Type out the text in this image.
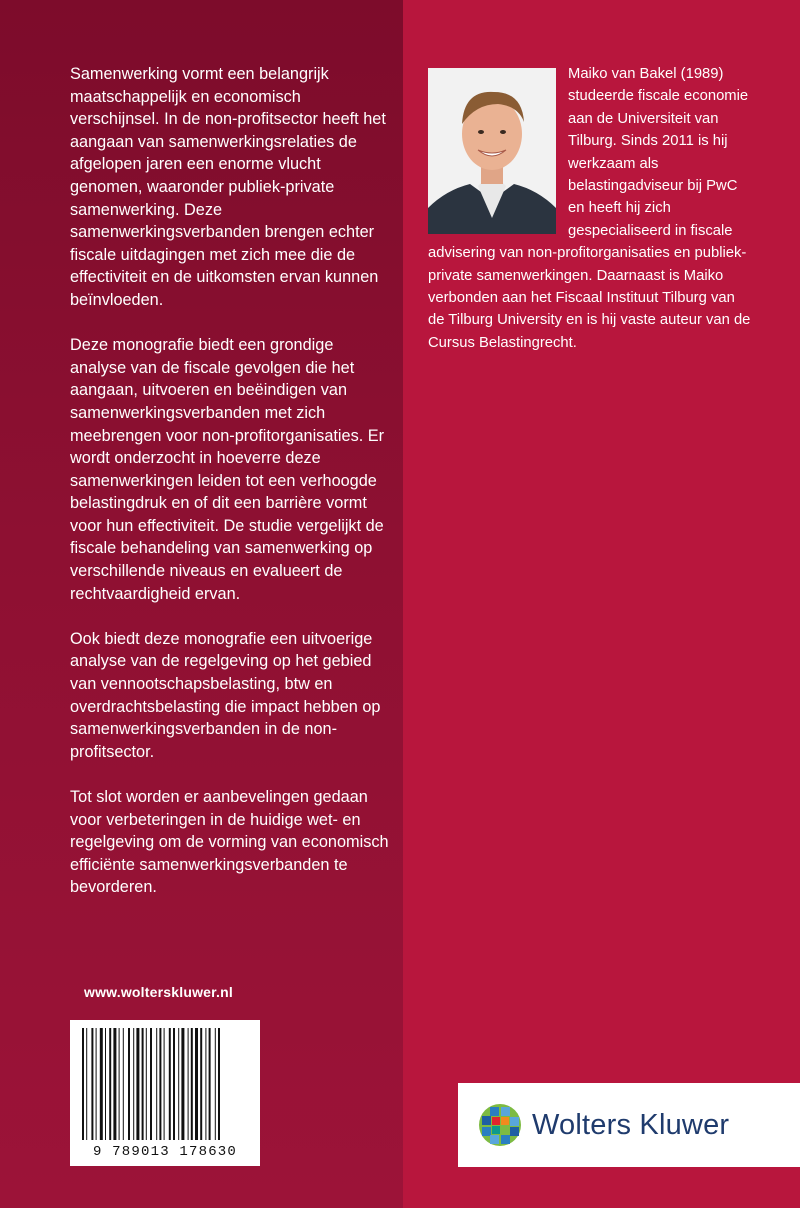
Samenwerking vormt een belangrijk maatschappelijk en economisch verschijnsel. In de non-profitsector heeft het aangaan van samenwerkingsrelaties de afgelopen jaren een enorme vlucht genomen, waaronder publiek-private samenwerking. Deze samenwerkingsverbanden brengen echter fiscale uitdagingen met zich mee die de effectiviteit en de uitkomsten ervan kunnen beïnvloeden.

Deze monografie biedt een grondige analyse van de fiscale gevolgen die het aangaan, uitvoeren en beëindigen van samenwerkingsverbanden met zich meebrengen voor non-profitorganisaties. Er wordt onderzocht in hoeverre deze samenwerkingen leiden tot een verhoogde belastingdruk en of dit een barrière vormt voor hun effectiviteit. De studie vergelijkt de fiscale behandeling van samenwerking op verschillende niveaus en evalueert de rechtvaardigheid ervan.

Ook biedt deze monografie een uitvoerige analyse van de regelgeving op het gebied van vennootschapsbelasting, btw en overdrachtsbelasting die impact hebben op samenwerkingsverbanden in de non-profitsector.

Tot slot worden er aanbevelingen gedaan voor verbeteringen in de huidige wet- en regelgeving om de vorming van economisch efficiënte samenwerkingsverbanden te bevorderen.

Maiko van Bakel (1989) studeerde fiscale economie aan de Universiteit van Tilburg. Sinds 2011 is hij werkzaam als belastingadviseur bij PwC en heeft hij zich gespecialiseerd in fiscale advisering van non-profitorganisaties en publiek-private samenwerkingen. Daarnaast is Maiko verbonden aan het Fiscaal Instituut Tilburg van de Tilburg University en is hij vaste auteur van de Cursus Belastingrecht.
www.wolterskluwer.nl
9 789013 178630
Wolters Kluwer
